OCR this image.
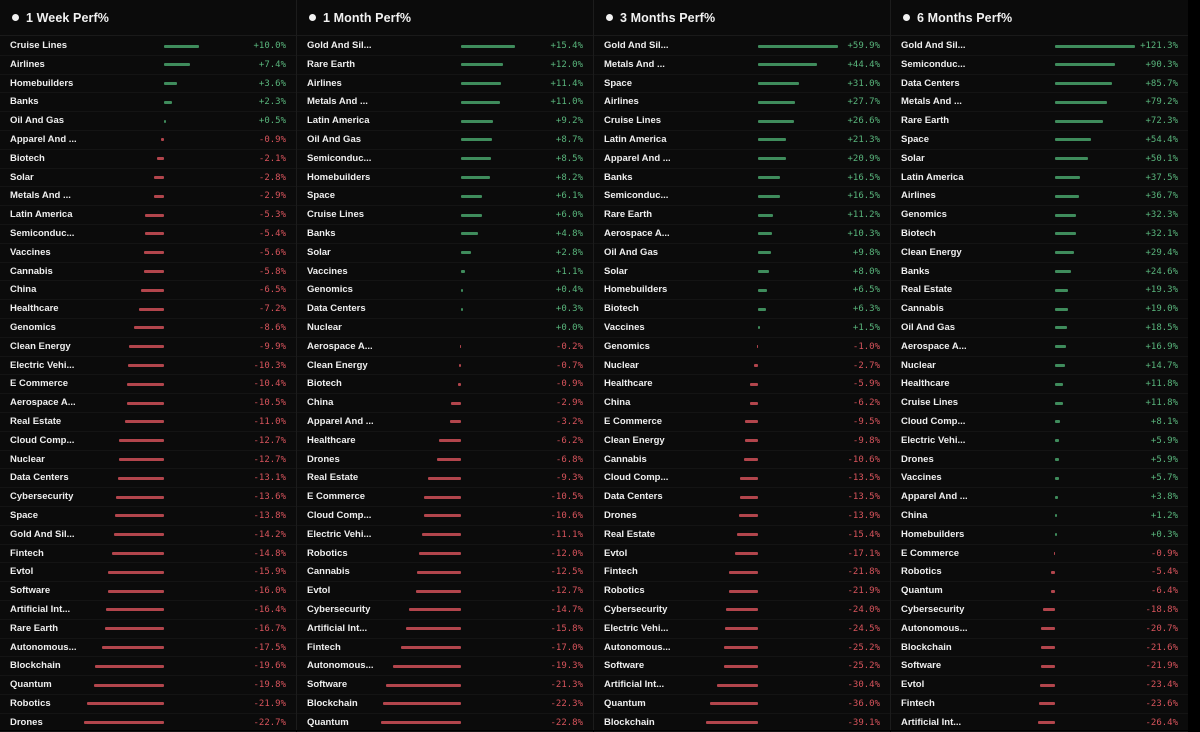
1 Week Perf%
Cruise Lines	+10.0%
Airlines	+7.4%
Homebuilders	+3.6%
Banks	+2.3%
Oil And Gas	+0.5%
Apparel And ...	-0.9%
Biotech	-2.1%
Solar	-2.8%
Metals And ...	-2.9%
Latin America	-5.3%
Semiconduc...	-5.4%
Vaccines	-5.6%
Cannabis	-5.8%
China	-6.5%
Healthcare	-7.2%
Genomics	-8.6%
Clean Energy	-9.9%
Electric Vehi...	-10.3%
E Commerce	-10.4%
Aerospace A...	-10.5%
Real Estate	-11.0%
Cloud Comp...	-12.7%
Nuclear	-12.7%
Data Centers	-13.1%
Cybersecurity	-13.6%
Space	-13.8%
Gold And Sil...	-14.2%
Fintech	-14.8%
Evtol	-15.9%
Software	-16.0%
Artificial Int...	-16.4%
Rare Earth	-16.7%
Autonomous...	-17.5%
Blockchain	-19.6%
Quantum	-19.8%
Robotics	-21.9%
Drones	-22.7%
1 Month Perf%
Gold And Sil...	+15.4%
Rare Earth	+12.0%
Airlines	+11.4%
Metals And ...	+11.0%
Latin America	+9.2%
Oil And Gas	+8.7%
Semiconduc...	+8.5%
Homebuilders	+8.2%
Space	+6.1%
Cruise Lines	+6.0%
Banks	+4.8%
Solar	+2.8%
Vaccines	+1.1%
Genomics	+0.4%
Data Centers	+0.3%
Nuclear	+0.0%
Aerospace A...	-0.2%
Clean Energy	-0.7%
Biotech	-0.9%
China	-2.9%
Apparel And ...	-3.2%
Healthcare	-6.2%
Drones	-6.8%
Real Estate	-9.3%
E Commerce	-10.5%
Cloud Comp...	-10.6%
Electric Vehi...	-11.1%
Robotics	-12.0%
Cannabis	-12.5%
Evtol	-12.7%
Cybersecurity	-14.7%
Artificial Int...	-15.8%
Fintech	-17.0%
Autonomous...	-19.3%
Software	-21.3%
Blockchain	-22.3%
Quantum	-22.8%
3 Months Perf%
Gold And Sil...	+59.9%
Metals And ...	+44.4%
Space	+31.0%
Airlines	+27.7%
Cruise Lines	+26.6%
Latin America	+21.3%
Apparel And ...	+20.9%
Banks	+16.5%
Semiconduc...	+16.5%
Rare Earth	+11.2%
Aerospace A...	+10.3%
Oil And Gas	+9.8%
Solar	+8.0%
Homebuilders	+6.5%
Biotech	+6.3%
Vaccines	+1.5%
Genomics	-1.0%
Nuclear	-2.7%
Healthcare	-5.9%
China	-6.2%
E Commerce	-9.5%
Clean Energy	-9.8%
Cannabis	-10.6%
Cloud Comp...	-13.5%
Data Centers	-13.5%
Drones	-13.9%
Real Estate	-15.4%
Evtol	-17.1%
Fintech	-21.8%
Robotics	-21.9%
Cybersecurity	-24.0%
Electric Vehi...	-24.5%
Autonomous...	-25.2%
Software	-25.2%
Artificial Int...	-30.4%
Quantum	-36.0%
Blockchain	-39.1%
6 Months Perf%
Gold And Sil...	+121.3%
Semiconduc...	+90.3%
Data Centers	+85.7%
Metals And ...	+79.2%
Rare Earth	+72.3%
Space	+54.4%
Solar	+50.1%
Latin America	+37.5%
Airlines	+36.7%
Genomics	+32.3%
Biotech	+32.1%
Clean Energy	+29.4%
Banks	+24.6%
Real Estate	+19.3%
Cannabis	+19.0%
Oil And Gas	+18.5%
Aerospace A...	+16.9%
Nuclear	+14.7%
Healthcare	+11.8%
Cruise Lines	+11.8%
Cloud Comp...	+8.1%
Electric Vehi...	+5.9%
Drones	+5.9%
Vaccines	+5.7%
Apparel And ...	+3.8%
China	+1.2%
Homebuilders	+0.3%
E Commerce	-0.9%
Robotics	-5.4%
Quantum	-6.4%
Cybersecurity	-18.8%
Autonomous...	-20.7%
Blockchain	-21.6%
Software	-21.9%
Evtol	-23.4%
Fintech	-23.6%
Artificial Int...	-26.4%
